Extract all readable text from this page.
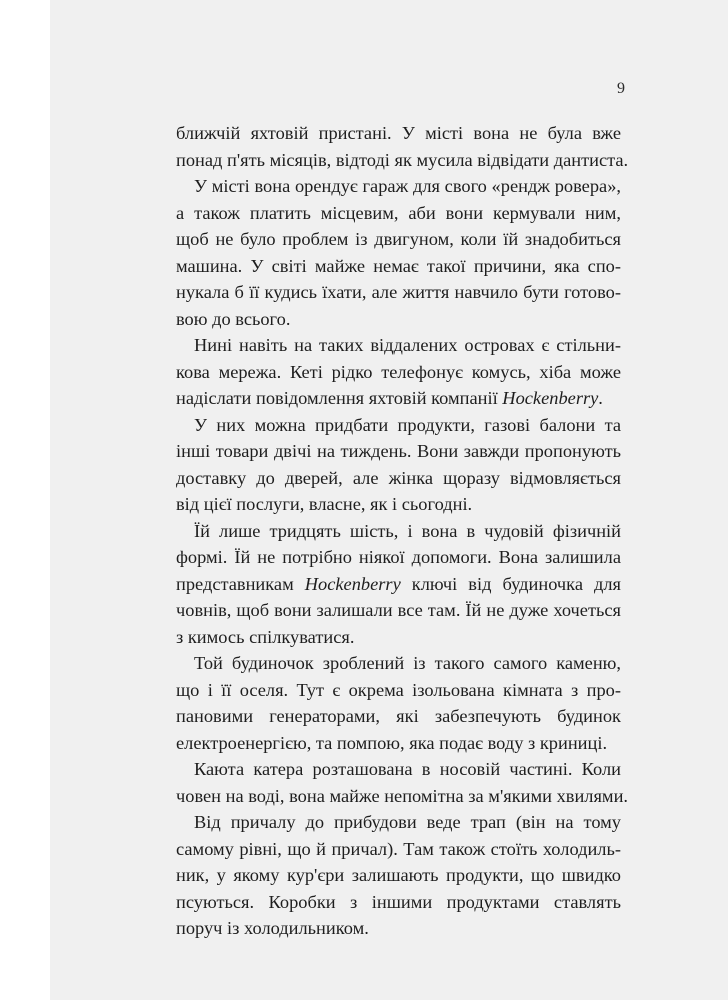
9
ближчій яхтовій пристані. У місті вона не була вже
понад п'ять місяців, відтоді як мусила відвідати дантиста.
У місті вона орендує гараж для свого «рендж ровера»,
а також платить місцевим, аби вони кермували ним,
щоб не було проблем із двигуном, коли їй знадобиться
машина. У світі майже немає такої причини, яка спо-
нукала б її кудись їхати, але життя навчило бути готово-
вою до всього.
Нині навіть на таких віддалених островах є стільни-
кова мережа. Кеті рідко телефонує комусь, хіба може
надіслати повідомлення яхтовій компанії Hockenberry.
У них можна придбати продукти, газові балони та
інші товари двічі на тиждень. Вони завжди пропонують
доставку до дверей, але жінка щоразу відмовляється
від цієї послуги, власне, як і сьогодні.
Їй лише тридцять шість, і вона в чудовій фізичній
формі. Їй не потрібно ніякої допомоги. Вона залишила
представникам Hockenberry ключі від будиночка для
човнів, щоб вони залишали все там. Їй не дуже хочеться
з кимось спілкуватися.
Той будиночок зроблений із такого самого каменю,
що і її оселя. Тут є окрема ізольована кімната з про-
пановими генераторами, які забезпечують будинок
електроенергією, та помпою, яка подає воду з криниці.
Каюта катера розташована в носовій частині. Коли
човен на воді, вона майже непомітна за м'якими хвилями.
Від причалу до прибудови веде трап (він на тому
самому рівні, що й причал). Там також стоїть холодиль-
ник, у якому кур'єри залишають продукти, що швидко
псуються. Коробки з іншими продуктами ставлять
поруч із холодильником.
